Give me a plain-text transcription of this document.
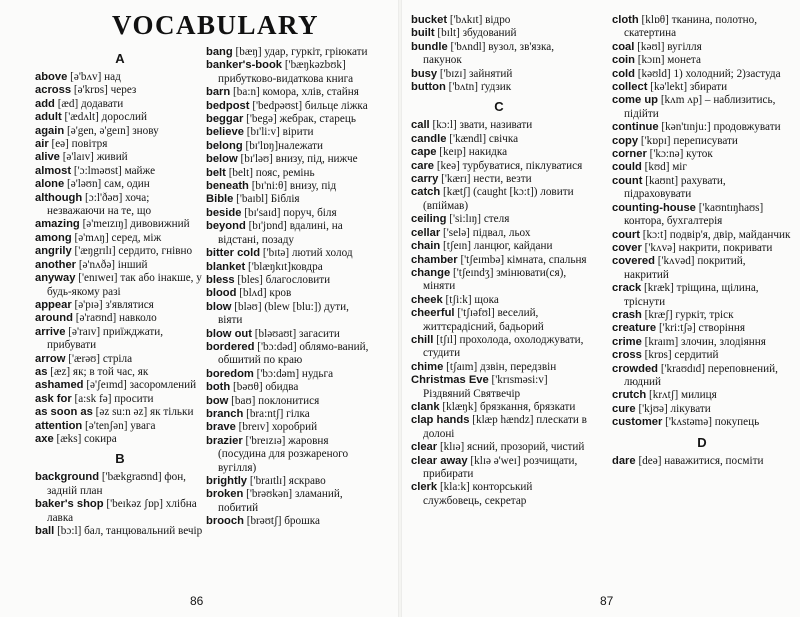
VOCABULARY
A
above [ə'bʌv] над
across [ə'krɒs] через
add [æd] додавати
adult ['ædʌlt] дорослий
again [ə'gen, ə'geɪn] знову
air [eə] повітря
alive [ə'laɪv] живий
almost ['ɔ:lməʊst] майже
alone [ə'ləʊn] сам, один
although [ɔ:l'ðəʊ] хоча; незважаючи на те, що
amazing [ə'meɪzɪŋ] дивовижний
among [ə'mʌŋ] серед, між
angrily ['æŋgrɪlɪ] сердито, гнівно
another [ə'nʌðə] інший
anyway ['enɪweɪ] так або інакше, у будь-якому разі
appear [ə'pɪə] з'являтися
around [ə'raʊnd] навколо
arrive [ə'raɪv] приїжджати, прибувати
arrow ['ærəʊ] стріла
as [æz] як; в той час, як
ashamed [ə'ʃeɪmd] засоромлений
ask for [a:sk fə] просити
as soon as [əz su:n əz] як тільки
attention [ə'tenʃən] увага
axe [æks] сокира
B
background ['bækgraʊnd] фон, задній план
baker's shop ['beɪkəz ʃɒp] хлібна лавка
ball [bɔ:l] бал, танцювальний вечір
bang [bæŋ] удар, гуркіт, гріюкати
banker's-book ['bæŋkəzbʊk] прибутково-видаткова книга
barn [ba:n] комора, хлів, стайня
bedpost ['bedpəʊst] бильце ліжка
beggar ['begə] жебрак, старець
believe [bɪ'li:v] вірити
belong [bɪ'lɒŋ]належати
below [bɪ'ləʊ] внизу, під, нижче
belt [belt] пояс, ремінь
beneath [bɪ'ni:θ] внизу, під
Bible ['baɪbl] Біблія
beside [bɪ'saɪd] поруч, біля
beyond [bɪ'jɒnd] вдалині, на відстані, позаду
bitter cold ['bɪtə] лютий холод
blanket ['blæŋkɪt]ковдра
bless [bles] благословити
blood [blʌd] кров
blow [bləʊ] (blew [blu:]) дути, віяти
blow out [bləʊaʊt] загасити
bordered ['bɔ:dəd] облямо-ваний, обшитий по краю
boredom ['bɔ:dəm] нудьга
both [bəʊθ] обидва
bow [baʊ] поклонитися
branch [bra:ntʃ] гілка
brave [breɪv] хоробрий
brazier ['breɪzɪə] жаровня (посудина для розжареного вугілля)
brightly ['braɪtlɪ] яскраво
broken ['brəʊkən] зламаний, побитий
brooch [brəʊtʃ] брошка
86
bucket ['bʌkɪt] відро
built [bɪlt] збудований
bundle ['bʌndl] вузол, зв'язка, пакунок
busy ['bɪzɪ] зайнятий
button ['bʌtn] ґудзик
C
call [kɔ:l] звати, називати
candle ['kændl] свічка
cape [keɪp] накидка
care [keə] турбуватися, піклуватися
carry ['kærɪ] нести, везти
catch [kætʃ] (caught [kɔ:t]) ловити (впіймав)
ceiling ['si:lɪŋ] стеля
cellar ['selə] підвал, льох
chain [tʃeɪn] ланцюг, кайдани
chamber ['tʃeɪmbə] кімната, спальня
change ['tʃeɪndʒ] змінювати(ся), міняти
cheek [tʃi:k] щока
cheerful ['tʃɪəfʊl] веселий, життєрадісний, бадьорий
chill [tʃɪl] прохолода, охолоджувати, студити
chime [tʃaɪm] дзвін, передзвін
Christmas Eve ['krɪsməsi:v] Різдвяний Святвечір
clank [klæŋk] брязкання, брязкати
clap hands [klæp hændz] плескати в долоні
clear [klɪə] ясний, прозорий, чистий
clear away [klɪə ə'weɪ] розчищати, прибирати
clerk [kla:k] конторський службовець, секретар
cloth [klɒθ] тканина, полотно, скатертина
coal [kəʊl] вугілля
coin [kɔɪn] монета
cold [kəʊld] 1) холодний; 2)застуда
collect [kə'lekt] збирати
come up [kʌm ʌp] – наблизитись, підійти
continue [kən'tɪnju:] продовжувати
copy ['kɒpɪ] переписувати
corner ['kɔ:nə] куток
could [kʊd] міг
count [kaʊnt] рахувати, підраховувати
counting-house ['kaʊntɪŋhaʊs] контора, бухгалтерія
court [kɔ:t] подвір'я, двір, майданчик
cover ['kʌvə] накрити, покривати
covered ['kʌvəd] покритий, накритий
crack [kræk] тріщина, щілина, тріснути
crash [kræʃ] гуркіт, тріск
creature ['kri:tʃə] створіння
crime [kraɪm] злочин, злодіяння
cross [krɒs] сердитий
crowded ['kraʊdɪd] переповнений, людний
crutch [krʌtʃ] милиця
cure ['kjʊə] лікувати
customer ['kʌstəmə] покупець
D
dare [deə] наважитися, посміти
87
